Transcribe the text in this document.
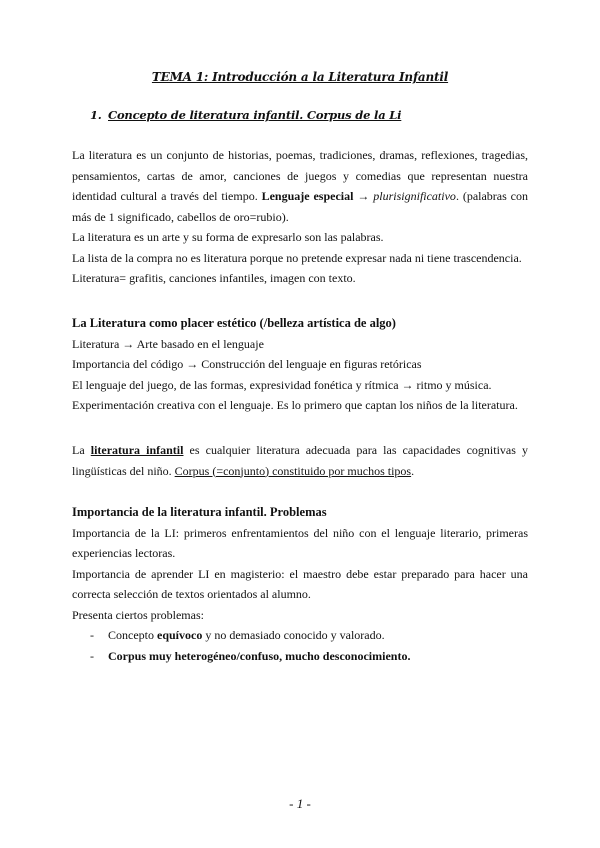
TEMA 1: Introducción a la Literatura Infantil
1. Concepto de literatura infantil. Corpus de la Li

La literatura es un conjunto de historias, poemas, tradiciones, dramas, reflexiones, tragedias, pensamientos, cartas de amor, canciones de juegos y comedias que representan nuestra identidad cultural a través del tiempo. Lenguaje especial → plurisignificativo. (palabras con más de 1 significado, cabellos de oro=rubio).

La literatura es un arte y su forma de expresarlo son las palabras.

La lista de la compra no es literatura porque no pretende expresar nada ni tiene trascendencia.

Literatura= grafitis, canciones infantiles, imagen con texto.

La Literatura como placer estético (/belleza artística de algo)

Literatura → Arte basado en el lenguaje

Importancia del código → Construcción del lenguaje en figuras retóricas

El lenguaje del juego, de las formas, expresividad fonética y rítmica → ritmo y música.

Experimentación creativa con el lenguaje. Es lo primero que captan los niños de la literatura.

La literatura infantil es cualquier literatura adecuada para las capacidades cognitivas y lingüísticas del niño. Corpus (=conjunto) constituido por muchos tipos.

Importancia de la literatura infantil. Problemas

Importancia de la LI: primeros enfrentamientos del niño con el lenguaje literario, primeras experiencias lectoras.

Importancia de aprender LI en magisterio: el maestro debe estar preparado para hacer una correcta selección de textos orientados al alumno.

Presenta ciertos problemas:

- Concepto equívoco y no demasiado conocido y valorado.
- Corpus muy heterogéneo/confuso, mucho desconocimiento.
- 1 -
